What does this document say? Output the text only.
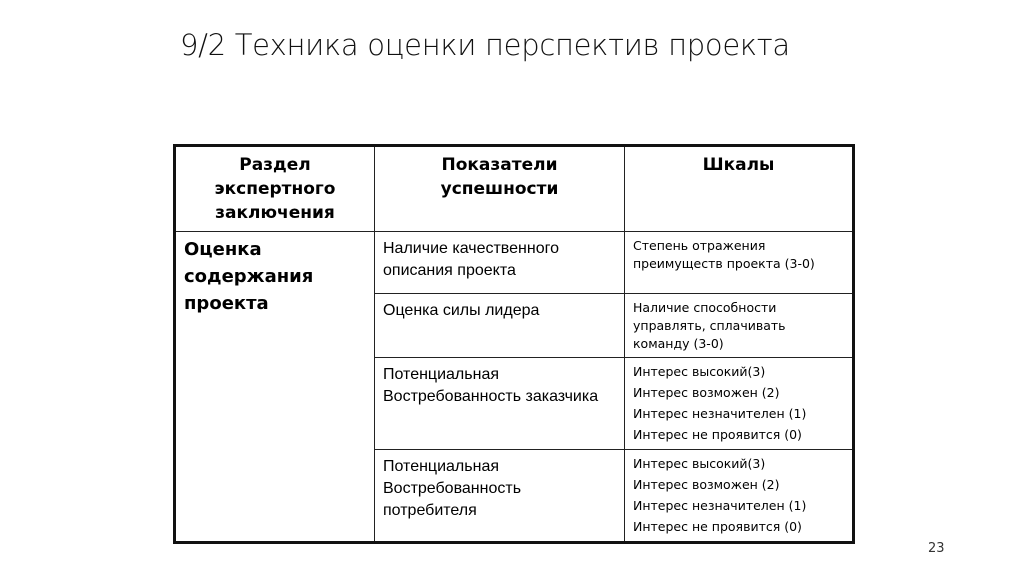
9/2 Техника оценки перспектив проекта
Раздел экспертного заключения	Показатели успешности	Шкалы
Оценка содержания проекта	Наличие качественного описания проекта	Степень отражения преимуществ проекта (3-0)
	Оценка силы лидера	Наличие способности управлять, сплачивать команду (3-0)
	Потенциальная Востребованность заказчика	Интерес высокий(3)
Интерес возможен (2)
Интерес незначителен (1)
Интерес не проявится (0)

	Потенциальная Востребованность потребителя	Интерес высокий(3)
Интерес возможен (2)
Интерес незначителен (1)
Интерес не проявится (0)
23
